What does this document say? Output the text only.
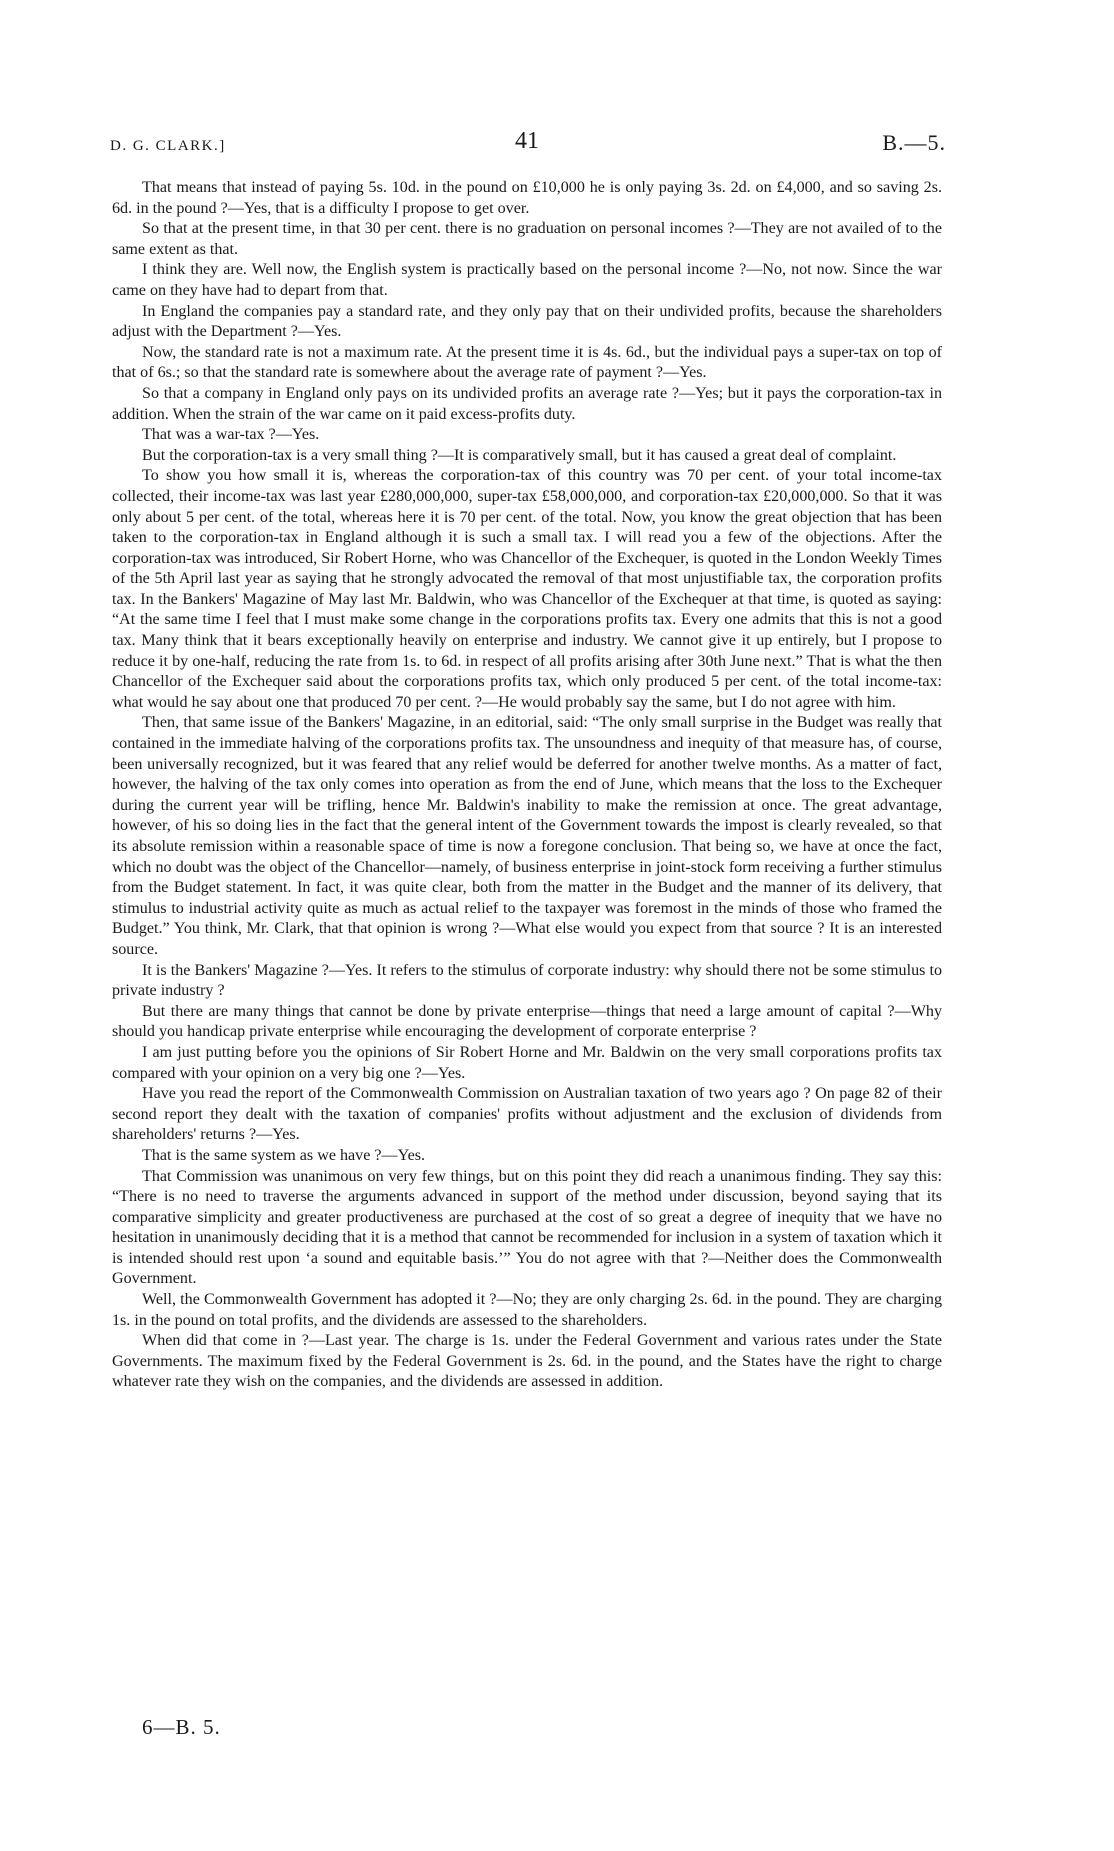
D. G. CLARK.]	41	B.—5.

That means that instead of paying 5s. 10d. in the pound on £10,000 he is only paying 3s. 2d. on £4,000, and so saving 2s. 6d. in the pound ?—Yes, that is a difficulty I propose to get over.

So that at the present time, in that 30 per cent. there is no graduation on personal incomes ?—They are not availed of to the same extent as that.

I think they are. Well now, the English system is practically based on the personal income ?—No, not now. Since the war came on they have had to depart from that.

In England the companies pay a standard rate, and they only pay that on their undivided profits, because the shareholders adjust with the Department ?—Yes.

Now, the standard rate is not a maximum rate. At the present time it is 4s. 6d., but the individual pays a super-tax on top of that of 6s.; so that the standard rate is somewhere about the average rate of payment ?—Yes.

So that a company in England only pays on its undivided profits an average rate ?—Yes; but it pays the corporation-tax in addition. When the strain of the war came on it paid excess-profits duty.

That was a war-tax ?—Yes.

But the corporation-tax is a very small thing ?—It is comparatively small, but it has caused a great deal of complaint.

To show you how small it is, whereas the corporation-tax of this country was 70 per cent. of your total income-tax collected, their income-tax was last year £280,000,000, super-tax £58,000,000, and corporation-tax £20,000,000. So that it was only about 5 per cent. of the total, whereas here it is 70 per cent. of the total. Now, you know the great objection that has been taken to the corporation-tax in England although it is such a small tax. I will read you a few of the objections. After the corporation-tax was introduced, Sir Robert Horne, who was Chancellor of the Exchequer, is quoted in the London Weekly Times of the 5th April last year as saying that he strongly advocated the removal of that most unjustifiable tax, the corporation profits tax. In the Bankers' Magazine of May last Mr. Baldwin, who was Chancellor of the Exchequer at that time, is quoted as saying: “At the same time I feel that I must make some change in the corporations profits tax. Every one admits that this is not a good tax. Many think that it bears exceptionally heavily on enterprise and industry. We cannot give it up entirely, but I propose to reduce it by one-half, reducing the rate from 1s. to 6d. in respect of all profits arising after 30th June next.” That is what the then Chancellor of the Exchequer said about the corporations profits tax, which only produced 5 per cent. of the total income-tax: what would he say about one that produced 70 per cent. ?—He would probably say the same, but I do not agree with him.

Then, that same issue of the Bankers' Magazine, in an editorial, said: “The only small surprise in the Budget was really that contained in the immediate halving of the corporations profits tax. The unsoundness and inequity of that measure has, of course, been universally recognized, but it was feared that any relief would be deferred for another twelve months. As a matter of fact, however, the halving of the tax only comes into operation as from the end of June, which means that the loss to the Exchequer during the current year will be trifling, hence Mr. Baldwin's inability to make the remission at once. The great advantage, however, of his so doing lies in the fact that the general intent of the Government towards the impost is clearly revealed, so that its absolute remission within a reasonable space of time is now a foregone conclusion. That being so, we have at once the fact, which no doubt was the object of the Chancellor—namely, of business enterprise in joint-stock form receiving a further stimulus from the Budget statement. In fact, it was quite clear, both from the matter in the Budget and the manner of its delivery, that stimulus to industrial activity quite as much as actual relief to the taxpayer was foremost in the minds of those who framed the Budget.” You think, Mr. Clark, that that opinion is wrong ?—What else would you expect from that source ? It is an interested source.

It is the Bankers' Magazine ?—Yes. It refers to the stimulus of corporate industry: why should there not be some stimulus to private industry ?

But there are many things that cannot be done by private enterprise—things that need a large amount of capital ?—Why should you handicap private enterprise while encouraging the development of corporate enterprise ?

I am just putting before you the opinions of Sir Robert Horne and Mr. Baldwin on the very small corporations profits tax compared with your opinion on a very big one ?—Yes.

Have you read the report of the Commonwealth Commission on Australian taxation of two years ago ? On page 82 of their second report they dealt with the taxation of companies' profits without adjustment and the exclusion of dividends from shareholders' returns ?—Yes.

That is the same system as we have ?—Yes.

That Commission was unanimous on very few things, but on this point they did reach a unanimous finding. They say this: “There is no need to traverse the arguments advanced in support of the method under discussion, beyond saying that its comparative simplicity and greater productiveness are purchased at the cost of so great a degree of inequity that we have no hesitation in unanimously deciding that it is a method that cannot be recommended for inclusion in a system of taxation which it is intended should rest upon ‘a sound and equitable basis.’” You do not agree with that ?—Neither does the Commonwealth Government.

Well, the Commonwealth Government has adopted it ?—No; they are only charging 2s. 6d. in the pound. They are charging 1s. in the pound on total profits, and the dividends are assessed to the shareholders.

When did that come in ?—Last year. The charge is 1s. under the Federal Government and various rates under the State Governments. The maximum fixed by the Federal Government is 2s. 6d. in the pound, and the States have the right to charge whatever rate they wish on the companies, and the dividends are assessed in addition.

6—B. 5.
